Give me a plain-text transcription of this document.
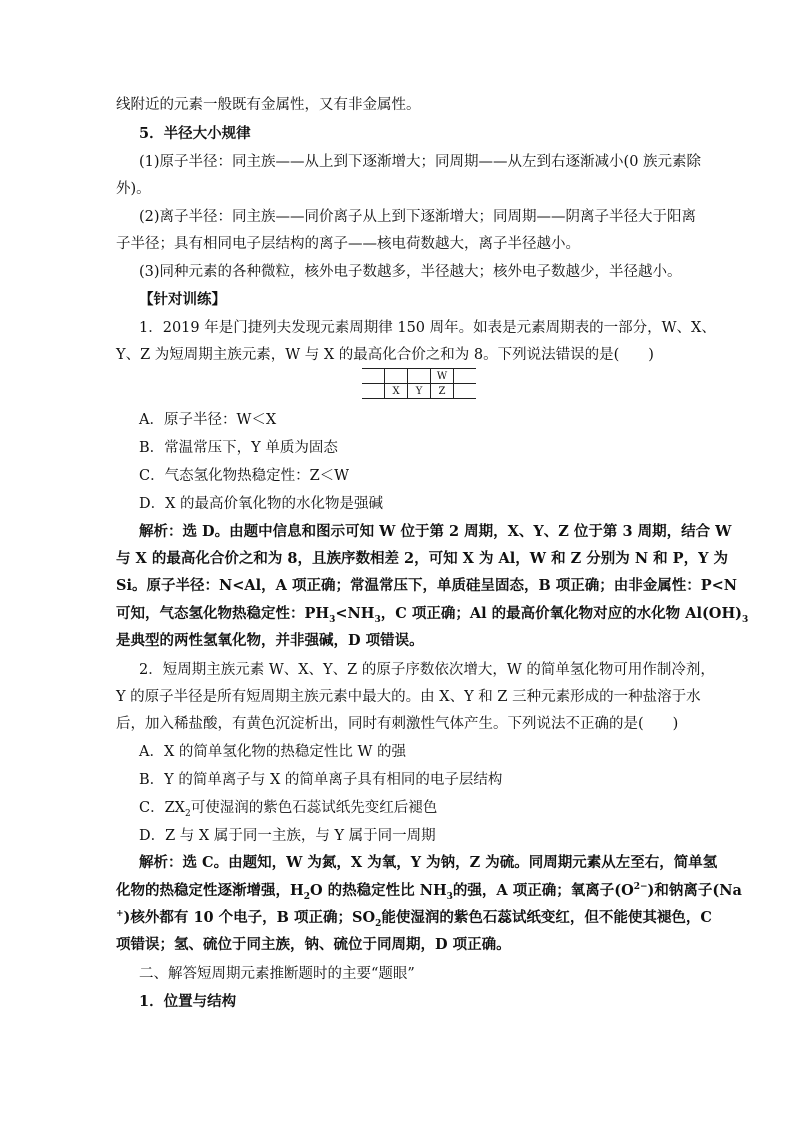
线附近的元素一般既有金属性，又有非金属性。
5．半径大小规律
(1)原子半径：同主族——从上到下逐渐增大；同周期——从左到右逐渐减小(0 族元素除
外)。
(2)离子半径：同主族——同价离子从上到下逐渐增大；同周期——阴离子半径大于阳离
子半径；具有相同电子层结构的离子——核电荷数越大，离子半径越小。
(3)同种元素的各种微粒，核外电子数越多，半径越大；核外电子数越少，半径越小。
【针对训练】
1．2019 年是门捷列夫发现元素周期律 150 周年。如表是元素周期表的一部分，W、X、
Y、Z 为短周期主族元素，W 与 X 的最高化合价之和为 8。下列说法错误的是(　　)
			W	
	X	Y	Z	
A．原子半径：W＜X
B．常温常压下，Y 单质为固态
C．气态氢化物热稳定性：Z＜W
D．X 的最高价氧化物的水化物是强碱
解析：选 D。由题中信息和图示可知 W 位于第 2 周期，X、Y、Z 位于第 3 周期，结合 W
与 X 的最高化合价之和为 8，且族序数相差 2，可知 X 为 Al，W 和 Z 分别为 N 和 P，Y 为
Si。原子半径：N<Al，A 项正确；常温常压下，单质硅呈固态，B 项正确；由非金属性：P<N
可知，气态氢化物热稳定性：$PH_3<NH_3$，C 项正确；Al 的最高价氧化物对应的水化物 $Al(OH)_3$
是典型的两性氢氧化物，并非强碱，D 项错误。
2．短周期主族元素 W、X、Y、Z 的原子序数依次增大，W 的简单氢化物可用作制冷剂，
Y 的原子半径是所有短周期主族元素中最大的。由 X、Y 和 Z 三种元素形成的一种盐溶于水
后，加入稀盐酸，有黄色沉淀析出，同时有刺激性气体产生。下列说法不正确的是(　　)
A．X 的简单氢化物的热稳定性比 W 的强
B．Y 的简单离子与 X 的简单离子具有相同的电子层结构
C．$ZX_2$可使湿润的紫色石蕊试纸先变红后褪色
D．Z 与 X 属于同一主族，与 Y 属于同一周期
解析：选 C。由题知，W 为氮，X 为氧，Y 为钠，Z 为硫。同周期元素从左至右，简单氢
化物的热稳定性逐渐增强，$H_2O$ 的热稳定性比 $NH_3$的强，A 项正确；氧离子$(O^{2-})$和钠离子(Na
+)核外都有 10 个电子，B 项正确；$SO_2$能使湿润的紫色石蕊试纸变红，但不能使其褪色，C
项错误；氢、硫位于同主族，钠、硫位于同周期，D 项正确。
二、解答短周期元素推断题时的主要“题眼”
1．位置与结构
